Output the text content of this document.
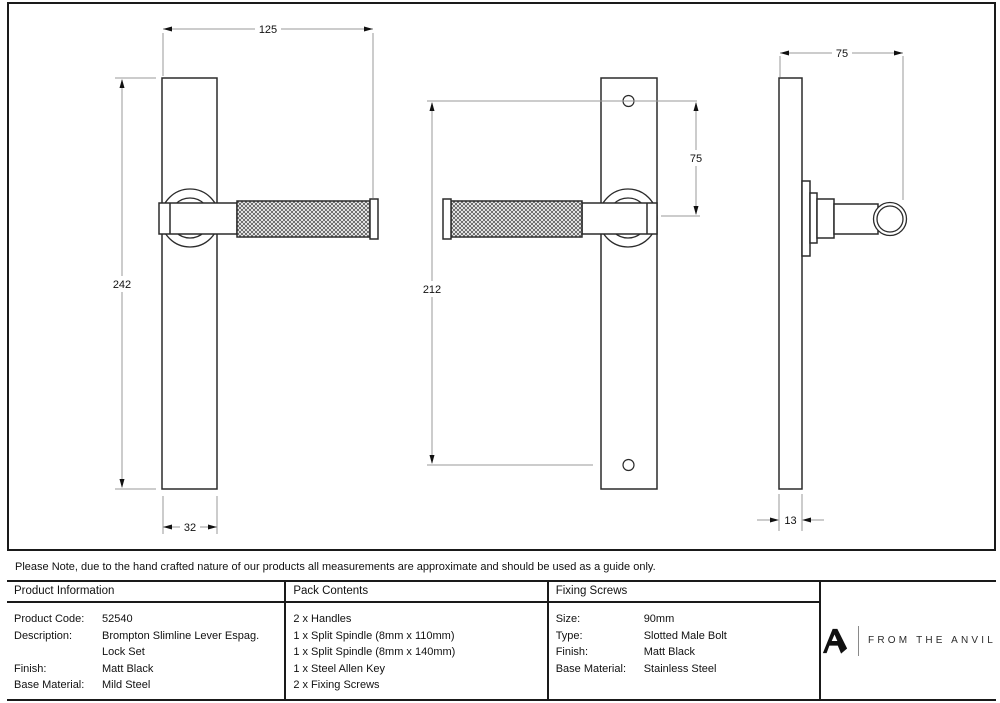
125
242
32
212
75
75
13
Please Note, due to the hand crafted nature of our products all measurements are approximate and should be used as a guide only.
Product Information
Product Code:	52540
Description:	Brompton Slimline Lever Espag. Lock Set
Finish:	Matt Black
Base Material:	Mild Steel
Pack Contents
2 x Handles
1 x Split Spindle (8mm x 110mm)
1 x Split Spindle (8mm x 140mm)
1 x Steel Allen Key
2 x Fixing Screws
Fixing Screws
Size:	90mm
Type:	Slotted Male Bolt
Finish:	Matt Black
Base Material:	Stainless Steel
FROM THE ANVIL
